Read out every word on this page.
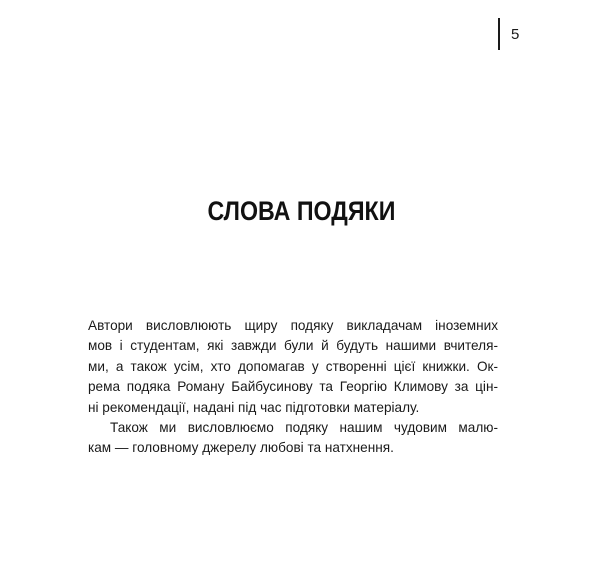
5
СЛОВА ПОДЯКИ
Автори висловлюють щиру подяку викладачам іноземних
мов і студентам, які завжди були й будуть нашими вчителя-
ми, а також усім, хто допомагав у створенні цієї книжки. Ок-
рема подяка Роману Байбусинову та Георгію Климову за цін-
ні рекомендації, надані під час підготовки матеріалу.
Також ми висловлюємо подяку нашим чудовим малю-
кам — головному джерелу любові та натхнення.
